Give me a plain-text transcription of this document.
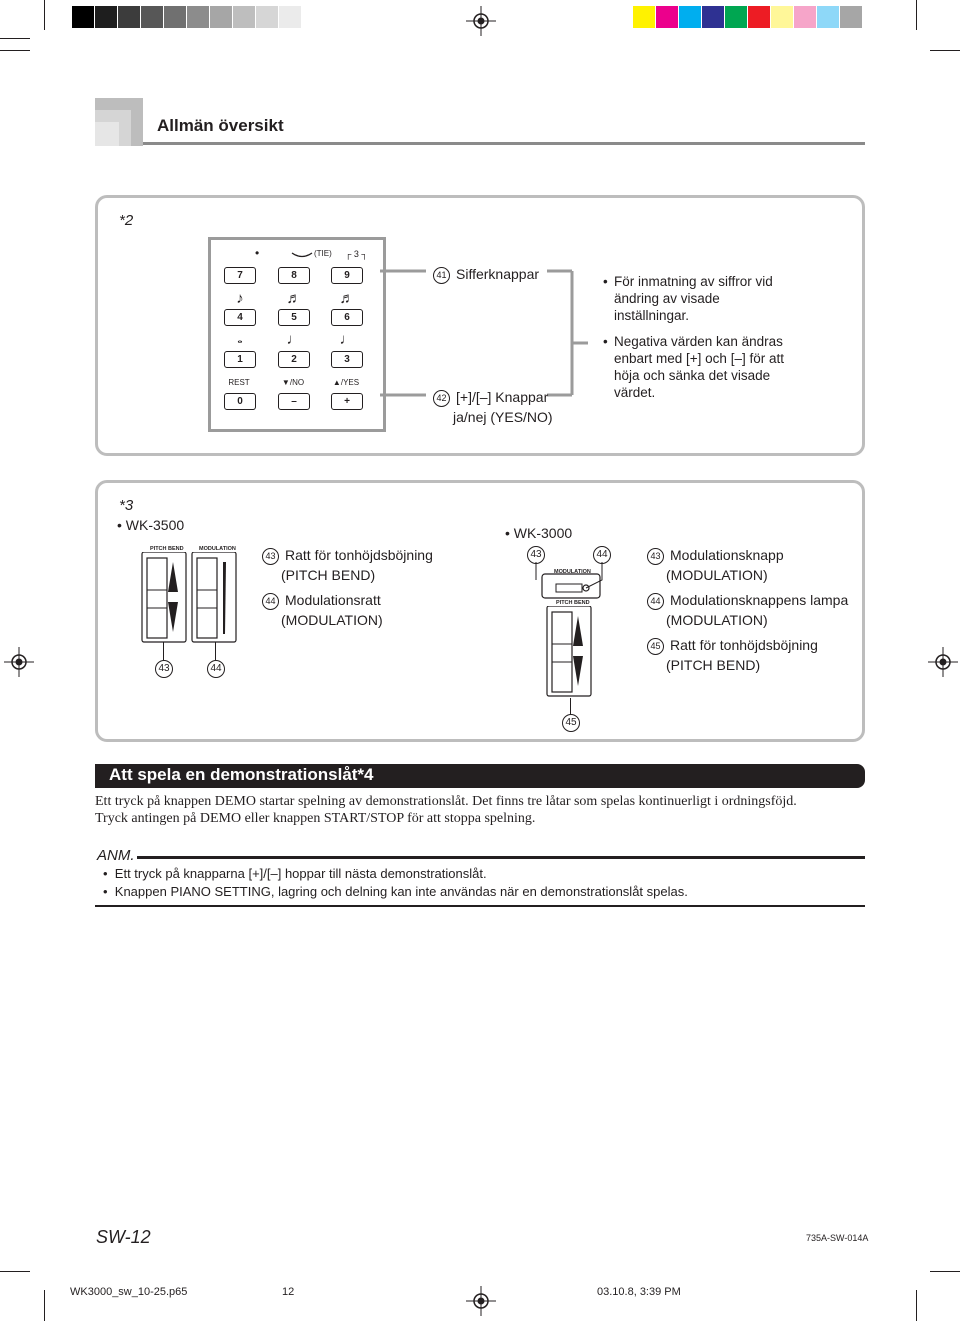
Allmän översikt
*2
•	(TIE) ┌ 3 ┐
7	8	9
♪	♬	♬
4	5	6
𝅝	♩	♩
1	2	3
REST	▼/NO	▲/YES
0	–	+
41 Sifferknappar
42 [+]/[–] Knappar
ja/nej (YES/NO)
• För inmatning av siffror vid
ändring av visade
inställningar.
• Negativa värden kan ändras
enbart med [+] och [–] för att
höja och sänka det visade
värdet.
*3
• WK-3500
PITCH BEND	MODULATION
43	44
43 Ratt för tonhöjdsböjning
(PITCH BEND)
44 Modulationsratt
(MODULATION)
• WK-3000
43	44
MODULATION
PITCH BEND
45
43 Modulationsknapp
(MODULATION)
44 Modulationsknappens lampa
(MODULATION)
45 Ratt för tonhöjdsböjning
(PITCH BEND)
Att spela en demonstrationslåt*4
Ett tryck på knappen DEMO startar spelning av demonstrationslåt. Det finns tre låtar som spelas kontinuerligt i ordningsföjd.
Tryck antingen på DEMO eller knappen START/STOP för att stoppa spelning.
ANM.
•  Ett tryck på knapparna [+]/[–] hoppar till nästa demonstrationslåt.
•  Knappen PIANO SETTING, lagring och delning kan inte användas när en demonstrationslåt spelas.
SW-12	735A-SW-014A
WK3000_sw_10-25.p65	12	03.10.8, 3:39 PM
